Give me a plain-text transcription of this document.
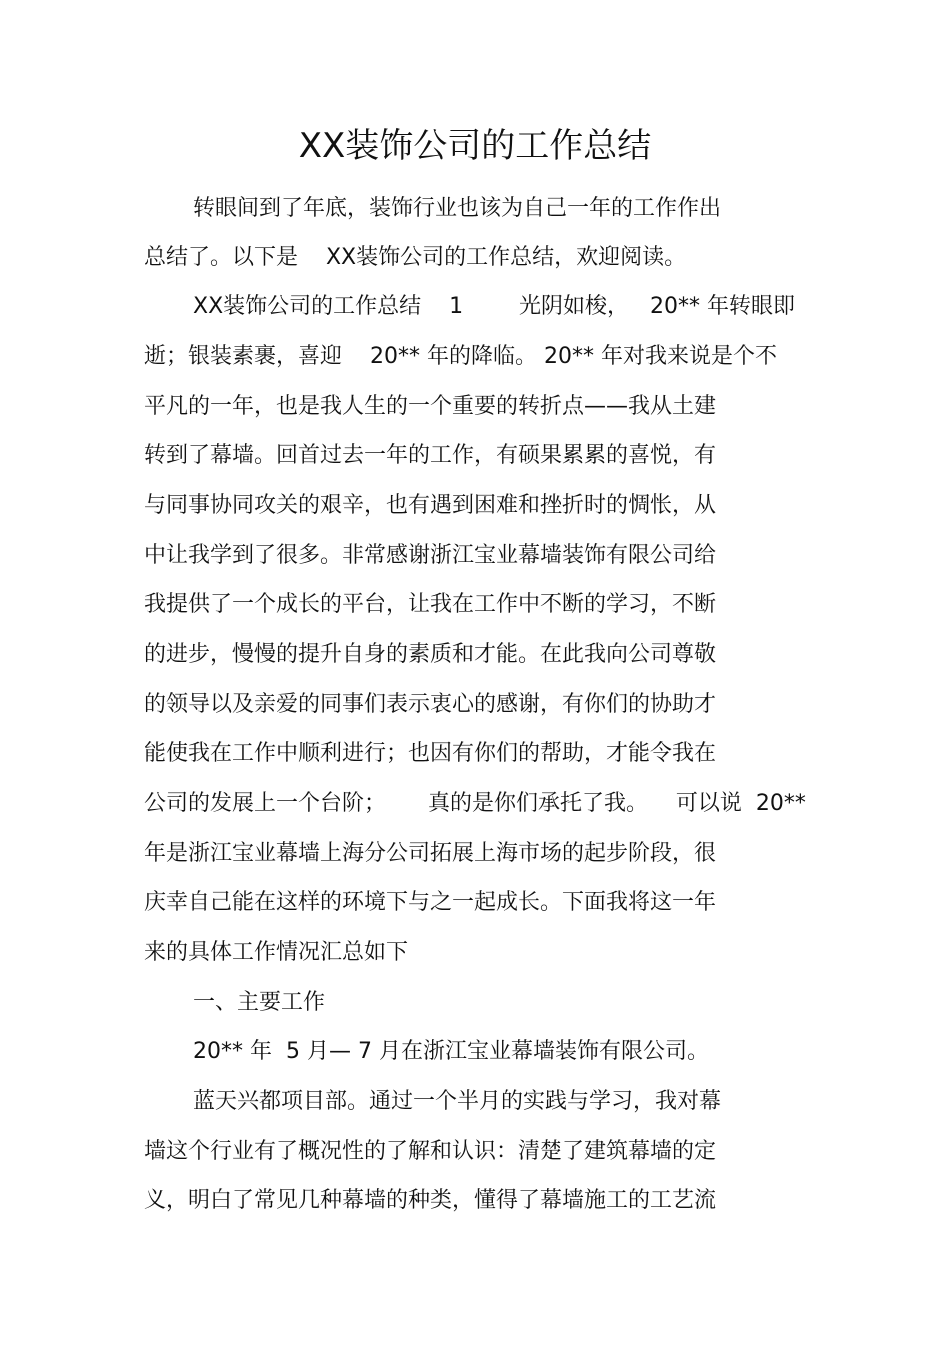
XX装饰公司的工作总结
转眼间到了年底，装饰行业也该为自己一年的工作作出
总结了。以下是    XX装饰公司的工作总结，欢迎阅读。
XX装饰公司的工作总结    1        光阴如梭，   20** 年转眼即
逝；银装素裹，喜迎    20** 年的降临。 20** 年对我来说是个不
平凡的一年，也是我人生的一个重要的转折点——我从土建
转到了幕墙。回首过去一年的工作，有硕果累累的喜悦，有
与同事协同攻关的艰辛，也有遇到困难和挫折时的惆怅，从
中让我学到了很多。非常感谢浙江宝业幕墙装饰有限公司给
我提供了一个成长的平台，让我在工作中不断的学习，不断
的进步，慢慢的提升自身的素质和才能。在此我向公司尊敬
的领导以及亲爱的同事们表示衷心的感谢，有你们的协助才
能使我在工作中顺利进行；也因有你们的帮助，才能令我在
公司的发展上一个台阶；      真的是你们承托了我。    可以说  20**
年是浙江宝业幕墙上海分公司拓展上海市场的起步阶段，很
庆幸自己能在这样的环境下与之一起成长。下面我将这一年
来的具体工作情况汇总如下
一、主要工作
20** 年  5 月— 7 月在浙江宝业幕墙装饰有限公司。
蓝天兴都项目部。通过一个半月的实践与学习，我对幕
墙这个行业有了概况性的了解和认识：清楚了建筑幕墙的定
义，明白了常见几种幕墙的种类，懂得了幕墙施工的工艺流
